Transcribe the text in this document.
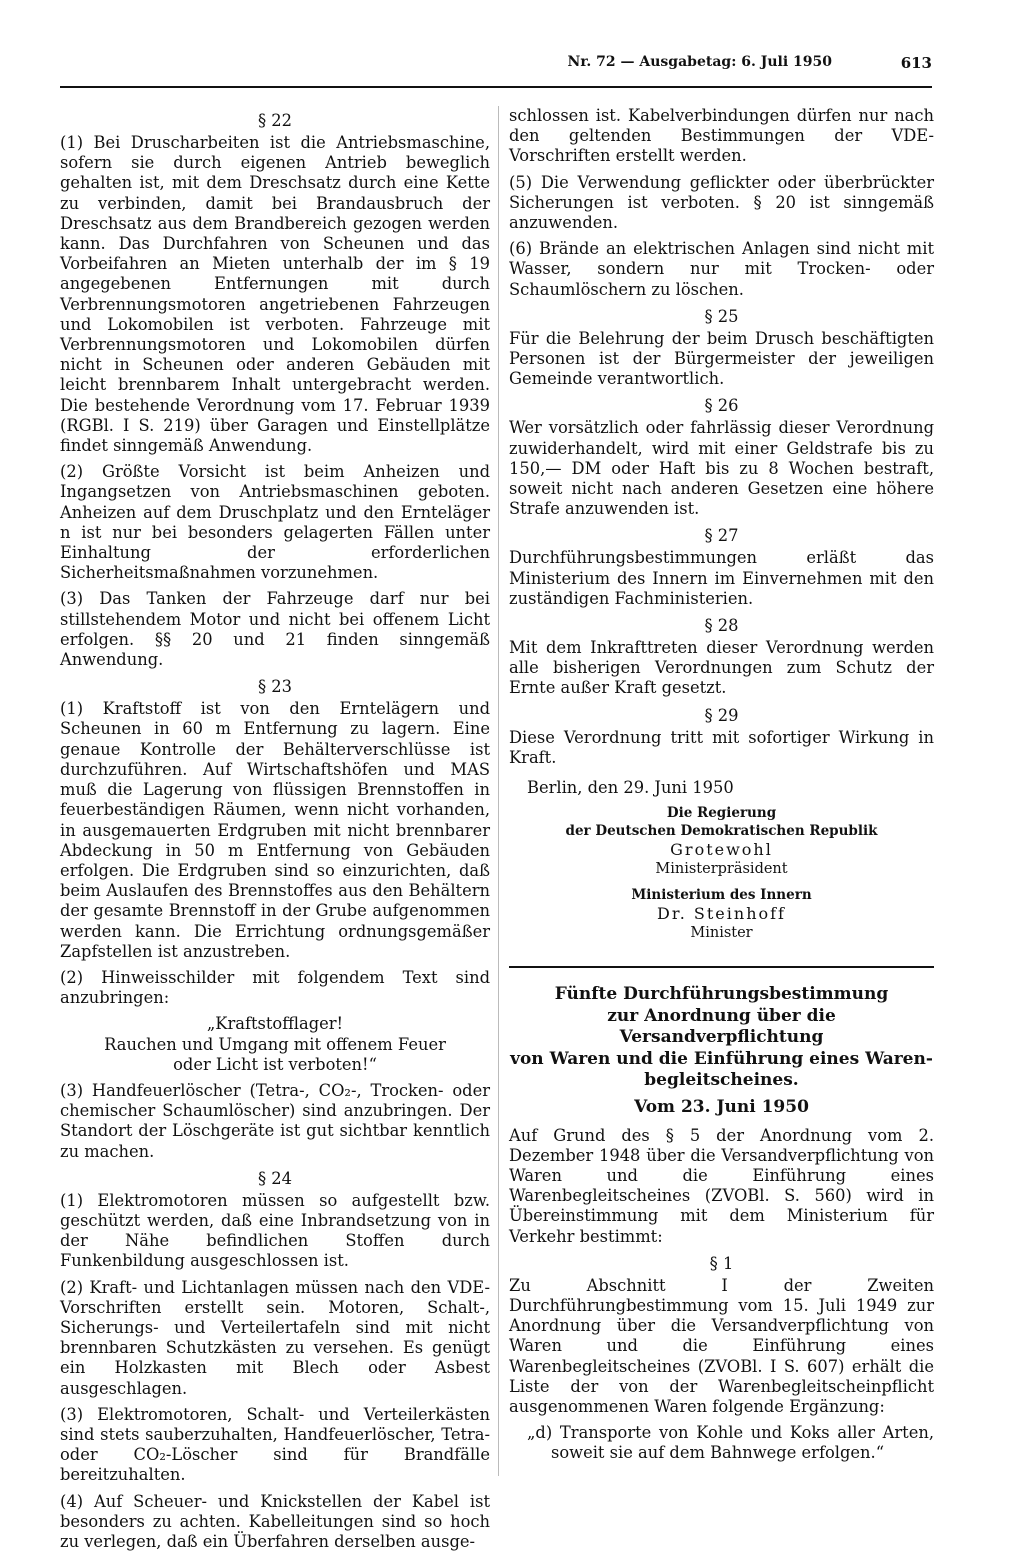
Nr. 72 — Ausgabetag: 6. Juli 1950	613
§ 22

(1) Bei Druscharbeiten ist die Antriebsmaschine, sofern sie durch eigenen Antrieb beweglich gehalten ist, mit dem Dreschsatz durch eine Kette zu verbinden, damit bei Brandausbruch der Dreschsatz aus dem Brandbereich gezogen werden kann. Das Durchfahren von Scheunen und das Vorbeifahren an Mieten unterhalb der im § 19 angegebenen Entfernungen mit durch Verbrennungsmotoren angetriebenen Fahrzeugen und Lokomobilen ist verboten. Fahrzeuge mit Verbrennungsmotoren und Lokomobilen dürfen nicht in Scheunen oder anderen Gebäuden mit leicht brennbarem Inhalt untergebracht werden. Die bestehende Verordnung vom 17. Februar 1939 (RGBl. I S. 219) über Garagen und Einstellplätze findet sinngemäß Anwendung.

(2) Größte Vorsicht ist beim Anheizen und Ingangsetzen von Antriebsmaschinen geboten. Anheizen auf dem Druschplatz und den Ernteläger n ist nur bei besonders gelagerten Fällen unter Einhaltung der erforderlichen Sicherheitsmaßnahmen vorzunehmen.

(3) Das Tanken der Fahrzeuge darf nur bei stillstehendem Motor und nicht bei offenem Licht erfolgen. §§ 20 und 21 finden sinngemäß Anwendung.

§ 23

(1) Kraftstoff ist von den Erntelägern und Scheunen in 60 m Entfernung zu lagern. Eine genaue Kontrolle der Behälterverschlüsse ist durchzuführen. Auf Wirtschaftshöfen und MAS muß die Lagerung von flüssigen Brennstoffen in feuerbeständigen Räumen, wenn nicht vorhanden, in ausgemauerten Erdgruben mit nicht brennbarer Abdeckung in 50 m Entfernung von Gebäuden erfolgen. Die Erdgruben sind so einzurichten, daß beim Auslaufen des Brennstoffes aus den Behältern der gesamte Brennstoff in der Grube aufgenommen werden kann. Die Errichtung ordnungsgemäßer Zapfstellen ist anzustreben.

(2) Hinweisschilder mit folgendem Text sind anzubringen:

„Kraftstofflager!
Rauchen und Umgang mit offenem Feuer
oder Licht ist verboten!“

(3) Handfeuerlöscher (Tetra-, CO₂-, Trocken- oder chemischer Schaumlöscher) sind anzubringen. Der Standort der Löschgeräte ist gut sichtbar kenntlich zu machen.

§ 24

(1) Elektromotoren müssen so aufgestellt bzw. geschützt werden, daß eine Inbrandsetzung von in der Nähe befindlichen Stoffen durch Funkenbildung ausgeschlossen ist.

(2) Kraft- und Lichtanlagen müssen nach den VDE-Vorschriften erstellt sein. Motoren, Schalt-, Sicherungs- und Verteilertafeln sind mit nicht brennbaren Schutzkästen zu versehen. Es genügt ein Holzkasten mit Blech oder Asbest ausgeschlagen.

(3) Elektromotoren, Schalt- und Verteilerkästen sind stets sauberzuhalten, Handfeuerlöscher, Tetra- oder CO₂-Löscher sind für Brandfälle bereitzuhalten.

(4) Auf Scheuer- und Knickstellen der Kabel ist besonders zu achten. Kabelleitungen sind so hoch zu verlegen, daß ein Überfahren derselben ausge-

schlossen ist. Kabelverbindungen dürfen nur nach den geltenden Bestimmungen der VDE-Vorschriften erstellt werden.

(5) Die Verwendung geflickter oder überbrückter Sicherungen ist verboten. § 20 ist sinngemäß anzuwenden.

(6) Brände an elektrischen Anlagen sind nicht mit Wasser, sondern nur mit Trocken- oder Schaumlöschern zu löschen.

§ 25

Für die Belehrung der beim Drusch beschäftigten Personen ist der Bürgermeister der jeweiligen Gemeinde verantwortlich.

§ 26

Wer vorsätzlich oder fahrlässig dieser Verordnung zuwiderhandelt, wird mit einer Geldstrafe bis zu 150,— DM oder Haft bis zu 8 Wochen bestraft, soweit nicht nach anderen Gesetzen eine höhere Strafe anzuwenden ist.

§ 27

Durchführungsbestimmungen erläßt das Ministerium des Innern im Einvernehmen mit den zuständigen Fachministerien.

§ 28

Mit dem Inkrafttreten dieser Verordnung werden alle bisherigen Verordnungen zum Schutz der Ernte außer Kraft gesetzt.

§ 29

Diese Verordnung tritt mit sofortiger Wirkung in Kraft.

Berlin, den 29. Juni 1950
Die Regierung
der Deutschen Demokratischen Republik
Grotewohl
Ministerpräsident
Ministerium des Innern
Dr. Steinhoff
Minister
Fünfte Durchführungsbestimmung
zur Anordnung über die Versandverpflichtung
von Waren und die Einführung eines Waren-
begleitscheines.
Vom 23. Juni 1950

Auf Grund des § 5 der Anordnung vom 2. Dezember 1948 über die Versandverpflichtung von Waren und die Einführung eines Warenbegleitscheines (ZVOBl. S. 560) wird in Übereinstimmung mit dem Ministerium für Verkehr bestimmt:

§ 1

Zu Abschnitt I der Zweiten Durchführungbestimmung vom 15. Juli 1949 zur Anordnung über die Versandverpflichtung von Waren und die Einführung eines Warenbegleitscheines (ZVOBl. I S. 607) erhält die Liste der von der Warenbegleitscheinpflicht ausgenommenen Waren folgende Ergänzung:

„d) Transporte von Kohle und Koks aller Arten, soweit sie auf dem Bahnwege erfolgen.“
